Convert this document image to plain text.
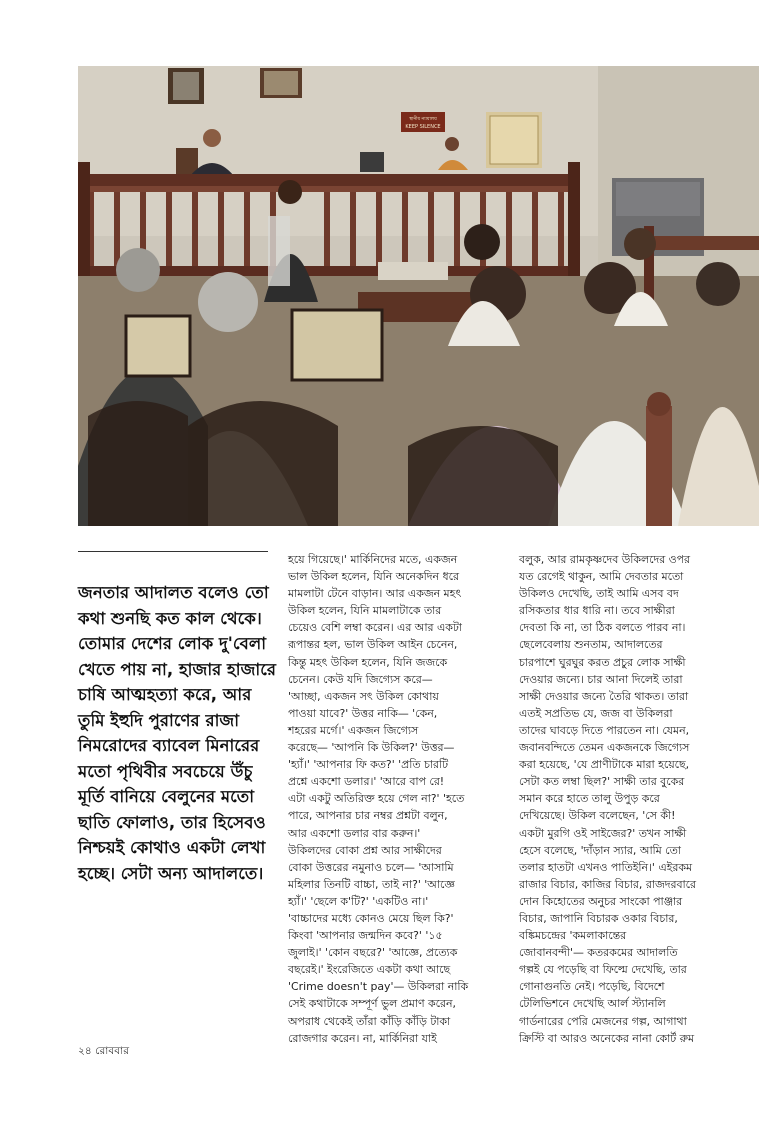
স্থানীয় ন্যায়ালয়
KEEP SILENCE
জনতার আদালত বলেও তো
কথা শুনছি কত কাল থেকে।
তোমার দেশের লোক দু'বেলা
খেতে পায় না, হাজার হাজারে
চাষি আত্মহত্যা করে, আর
তুমি ইহুদি পুরাণের রাজা
নিমরোদের ব্যাবেল মিনারের
মতো পৃথিবীর সবচেয়ে উঁচু
মূর্তি বানিয়ে বেলুনের মতো
ছাতি ফোলাও, তার হিসেবও
নিশ্চয়ই কোথাও একটা লেখা
হচ্ছে। সেটা অন্য আদালতে।
হয়ে গিয়েছে।' মার্কিনিদের মতে, একজন
ভাল উকিল হলেন, যিনি অনেকদিন ধরে
মামলাটা টেনে বাড়ান। আর একজন মহৎ
উকিল হলেন, যিনি মামলাটাকে তার
চেয়েও বেশি লম্বা করেন। এর আর একটা
রূপান্তর হল, ভাল উকিল আইন চেনেন,
কিন্তু মহৎ উকিল হলেন, যিনি জজকে
চেনেন। কেউ যদি জিগ্যেস করে—
'আচ্ছা, একজন সৎ উকিল কোথায়
পাওয়া যাবে?' উত্তর নাকি— 'কেন,
শহরের মর্গে।' একজন জিগ্যেস
করেছে— 'আপনি কি উকিল?' উত্তর—
'হ্যাঁ।' 'আপনার ফি কত?' 'প্রতি চারটি
প্রশ্নে একশো ডলার।' 'আরে বাপ রে!
এটা একটু অতিরিক্ত হয়ে গেল না?' 'হতে
পারে, আপনার চার নম্বর প্রশ্নটা বলুন,
আর একশো ডলার বার করুন।'
উকিলদের বোকা প্রশ্ন আর সাক্ষীদের
বোকা উত্তরের নমুনাও চলে— 'আসামি
মহিলার তিনটি বাচ্চা, তাই না?' 'আজ্ঞে
হ্যাঁ।' 'ছেলে ক'টি?' 'একটিও না।'
'বাচ্চাদের মধ্যে কোনও মেয়ে ছিল কি?'
কিংবা 'আপনার জন্মদিন কবে?' '১৫
জুলাই।' 'কোন বছরে?' 'আজ্ঞে, প্রত্যেক
বছরেই।' ইংরেজিতে একটা কথা আছে
'Crime doesn't pay'— উকিলরা নাকি
সেই কথাটাকে সম্পূর্ণ ভুল প্রমাণ করেন,
অপরাধ থেকেই তাঁরা কাঁড়ি কাঁড়ি টাকা
রোজগার করেন। না, মার্কিনিরা যাই
বলুক, আর রামকৃষ্ণদেব উকিলদের ওপর
যত রেগেই থাকুন, আমি দেবতার মতো
উকিলও দেখেছি, তাই আমি এসব বদ
রসিকতার ধার ধারি না। তবে সাক্ষীরা
দেবতা কি না, তা ঠিক বলতে পারব না।
ছেলেবেলায় শুনতাম, আদালতের
চারপাশে ঘুরঘুর করত প্রচুর লোক সাক্ষী
দেওয়ার জন্যে। চার আনা দিলেই তারা
সাক্ষী দেওয়ার জন্যে তৈরি থাকত। তারা
এতই সপ্রতিভ যে, জজ বা উকিলরা
তাদের ঘাবড়ে দিতে পারতেন না। যেমন,
জবানবন্দিতে তেমন একজনকে জিগ্যেস
করা হয়েছে, 'যে প্রাণীটাকে মারা হয়েছে,
সেটা কত লম্বা ছিল?' সাক্ষী তার বুকের
সমান করে হাতে তালু উপুড় করে
দেখিয়েছে। উকিল বলেছেন, 'সে কী!
একটা মুরগি ওই সাইজের?' তখন সাক্ষী
হেসে বলেছে, 'দাঁড়ান স্যার, আমি তো
তলার হাতটা এখনও পাতিইনি।' এইরকম
রাজার বিচার, কাজির বিচার, রাজদরবারে
দোন কিহোতের অনুচর সাংকো পাঞ্জার
বিচার, জাপানি বিচারক ওকার বিচার,
বঙ্কিমচন্দ্রের 'কমলাকান্তের
জোবানবন্দী'— কতরকমের আদালতি
গল্পই যে পড়েছি বা ফিল্মে দেখেছি, তার
গোনাগুনতি নেই। পড়েছি, বিদেশে
টেলিভিশনে দেখেছি আর্ল স্ট্যানলি
গার্ডনারের পেরি মেজনের গল্প, আগাথা
ক্রিস্টি বা আরও অনেকের নানা কোর্ট রুম
২৪ রোববার
